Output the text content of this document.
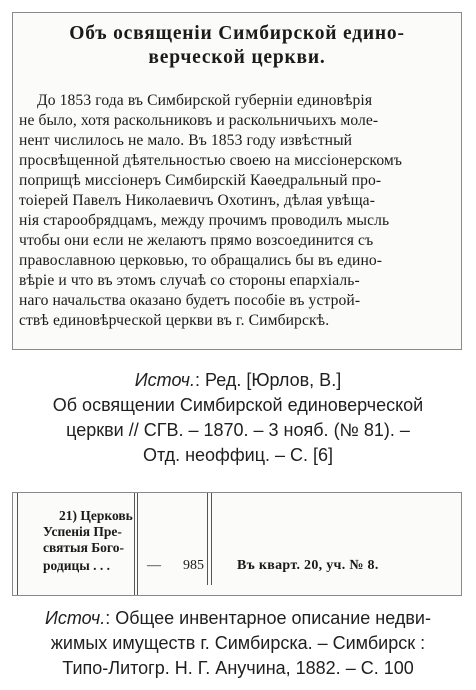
Объ освященіи Симбирской едино-
верческой церкви.
До 1853 года въ Симбирской губерніи единовѣрія
не было, хотя раскольниковъ и раскольничьихъ моле-
нент числилось не мало. Въ 1853 году извѣстный
просвѣщенной дѣятельностью своею на миссіонерскомъ
поприщѣ миссіонеръ Симбирскій Каѳедральный про-
тоіерей Павелъ Николаевичъ Охотинъ, дѣлая увѣща-
нія старообрядцамъ, между прочимъ проводилъ мысль
чтобы они если не желаютъ прямо возсоединится съ
православною церковью, то обращались бы въ едино-
вѣріе и что въ этомъ случаѣ со стороны епархіаль-
наго начальства оказано будетъ пособіе въ устрой-
ствѣ единовѣрческой церкви въ г. Симбирскѣ.
Источ.: Ред. [Юрлов, В.]
Об освящении Симбирской единоверческой
церкви // СГВ. – 1870. – 3 нояб. (№ 81). –
Отд. неоффиц. – С. [6]
21) Церковь
Успенія Пре-
святыя Бого-
родицы . . .	— 985 Въ кварт. 20, уч. № 8.
Источ.: Общее инвентарное описание недви-
жимых имуществ г. Симбирска. – Симбирск :
Типо-Литогр. Н. Г. Анучина, 1882. – С. 100
